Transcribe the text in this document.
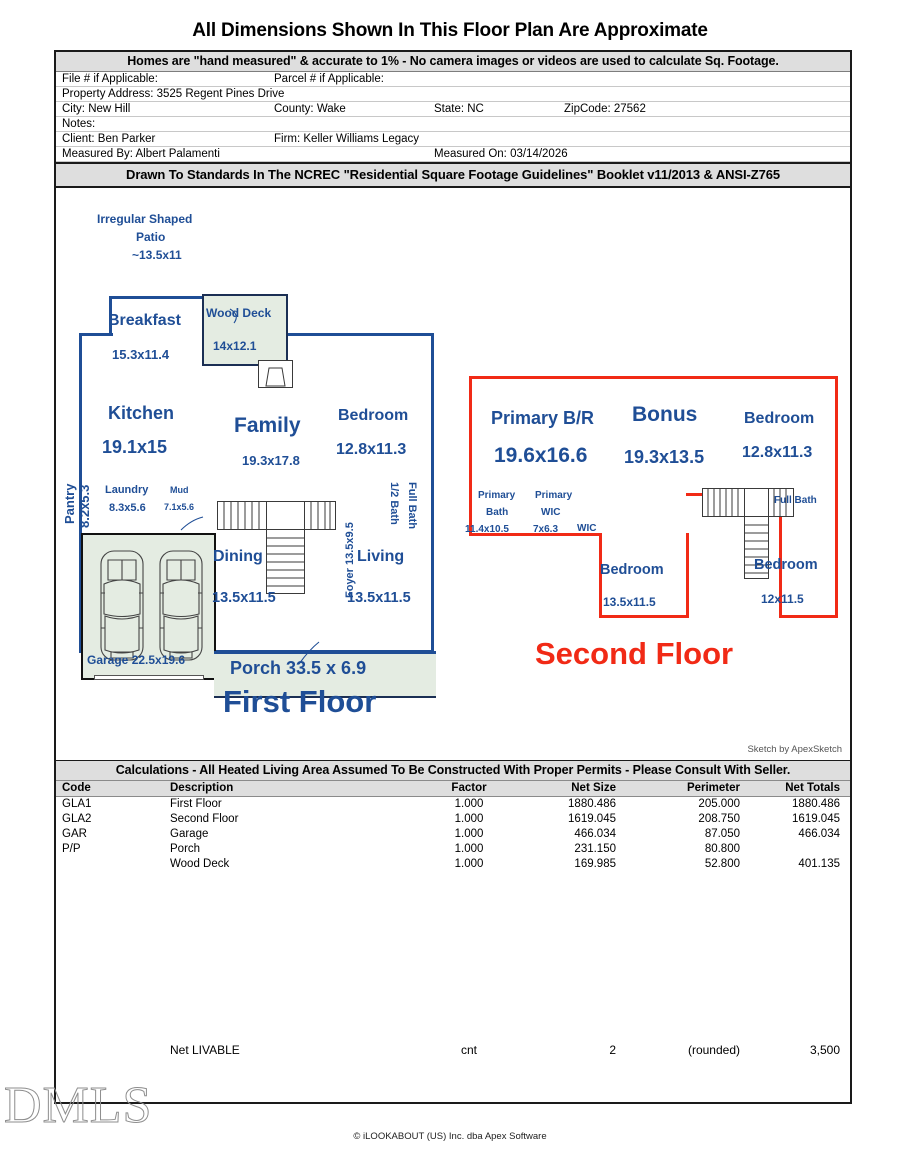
All Dimensions Shown In This Floor Plan Are Approximate
Homes are "hand measured" & accurate to 1% - No camera images or videos are used to calculate Sq. Footage.
File # if Applicable:	Parcel # if Applicable:
Property Address: 3525 Regent Pines Drive
City: New Hill	County: Wake	State: NC	ZipCode: 27562
Notes:
Client: Ben Parker	Firm: Keller Williams Legacy
Measured By: Albert Palamenti	Measured On: 03/14/2026
Drawn To Standards In The NCREC "Residential Square Footage Guidelines" Booklet v11/2013 & ANSI-Z765
Irregular Shaped
Patio
~13.5x11
Breakfast
15.3x11.4
Wood Deck
14x12.1
Kitchen
19.1x15
Family
19.3x17.8
Bedroom
12.8x11.3
Pantry 8.2x5.3 Laundry
8.3x5.6
Mud
7.1x5.6
Dining
13.5x11.5	Foyer 13.5x9.5 Living
13.5x11.5
1/2 Bath Full Bath
Garage 22.5x19.6 Porch 33.5 x 6.9
First Floor
Primary B/R
19.6x16.6
Bonus
19.3x13.5
Bedroom
12.8x11.3
Primary
Bath
11.4x10.5
Primary
WIC
7x6.3 WIC
Full Bath
Bedroom
13.5x11.5
Bedroom
12x11.5
Second Floor
Sketch by ApexSketch
Calculations - All Heated Living Area Assumed To Be Constructed With Proper Permits - Please Consult With Seller.
Code	Description	Factor	Net Size	Perimeter	Net Totals
GLA1	First Floor	1.000	1880.486	205.000	1880.486
GLA2	Second Floor	1.000	1619.045	208.750	1619.045
GAR	Garage	1.000	466.034	87.050	466.034
P/P	Porch	1.000	231.150	80.800	
	Wood Deck	1.000	169.985	52.800	401.135
	Net LIVABLE	cnt	2	(rounded)	3,500
DMLS
© iLOOKABOUT (US) Inc. dba Apex Software
